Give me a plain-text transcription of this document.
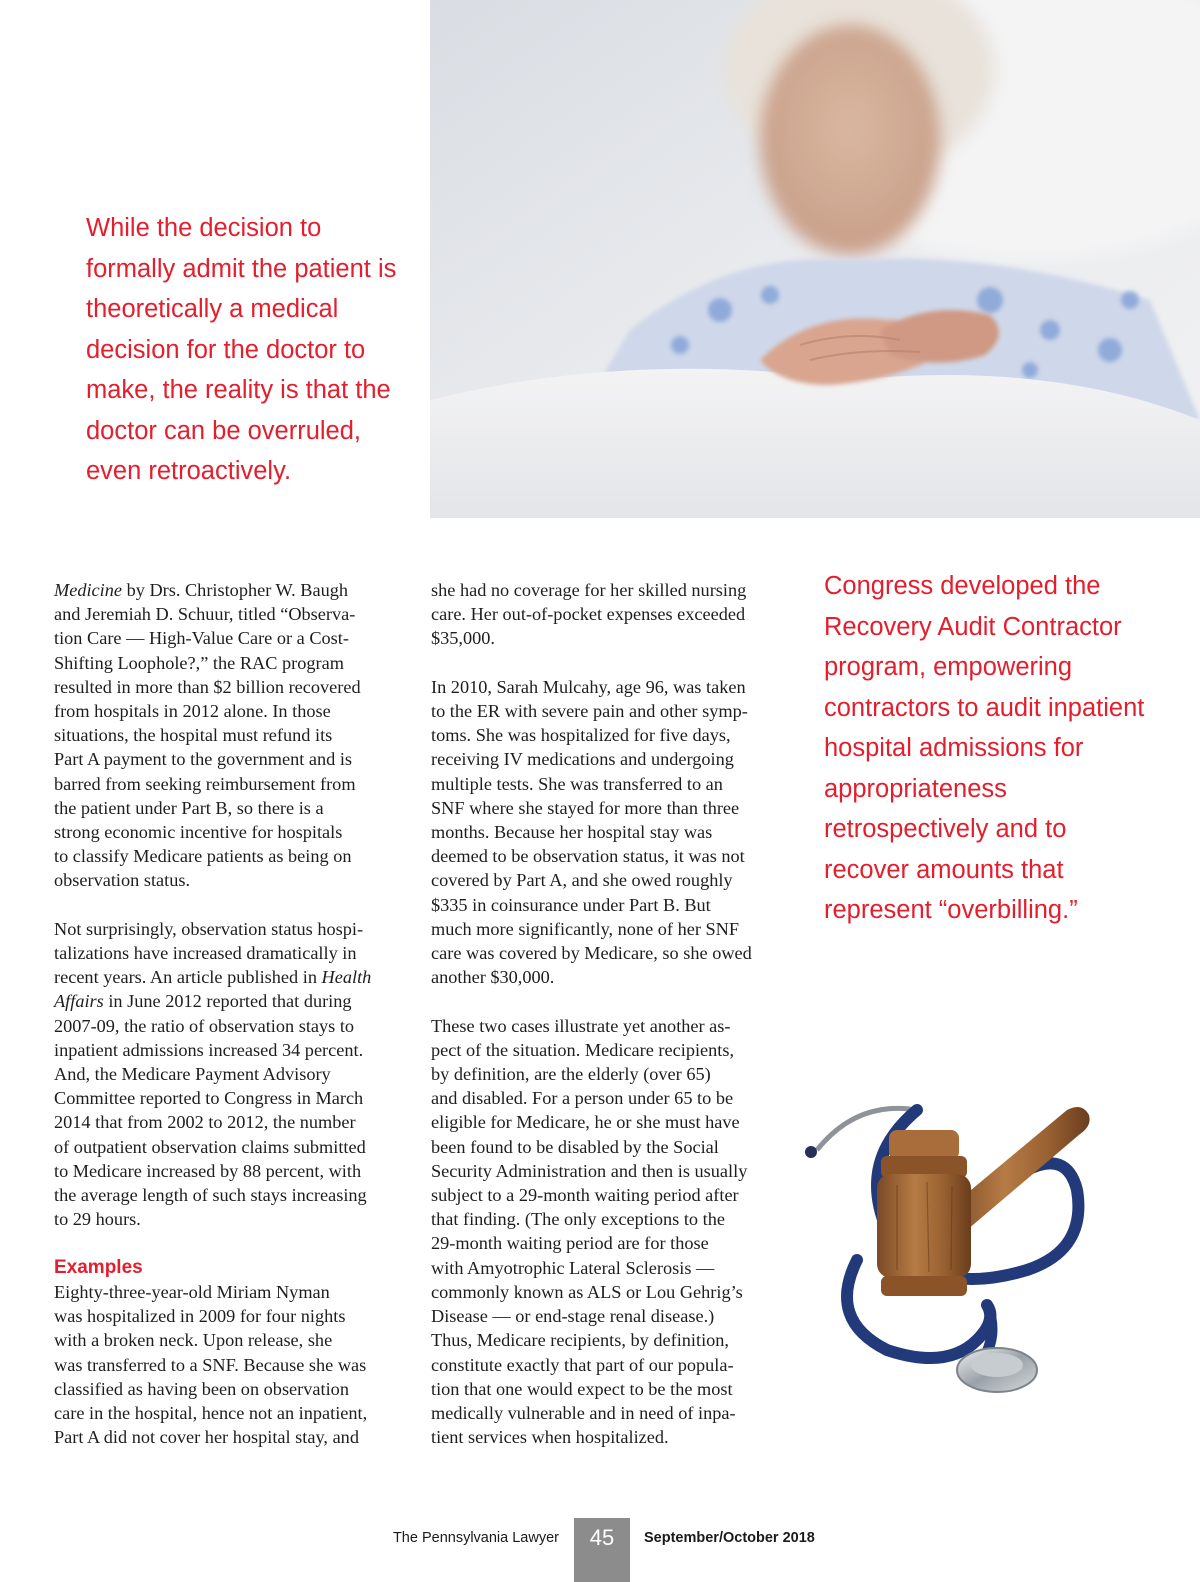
While the decision to formally admit the patient is theoretically a medical decision for the doctor to make, the reality is that the doctor can be overruled, even retroactively.

Medicine by Drs. Christopher W. Baugh
and Jeremiah D. Schuur, titled “Observa-
tion Care — High-Value Care or a Cost-
Shifting Loophole?,” the RAC program
resulted in more than $2 billion recovered
from hospitals in 2012 alone. In those
situations, the hospital must refund its
Part A payment to the government and is
barred from seeking reimbursement from
the patient under Part B, so there is a
strong economic incentive for hospitals
to classify Medicare patients as being on
observation status.

Not surprisingly, observation status hospi-
talizations have increased dramatically in
recent years. An article published in Health
Affairs in June 2012 reported that during
2007-09, the ratio of observation stays to
inpatient admissions increased 34 percent.
And, the Medicare Payment Advisory
Committee reported to Congress in March
2014 that from 2002 to 2012, the number
of outpatient observation claims submitted
to Medicare increased by 88 percent, with
the average length of such stays increasing
to 29 hours.

Examples

Eighty-three-year-old Miriam Nyman
was hospitalized in 2009 for four nights
with a broken neck. Upon release, she
was transferred to a SNF. Because she was
classified as having been on observation
care in the hospital, hence not an inpatient,
Part A did not cover her hospital stay, and

she had no coverage for her skilled nursing
care. Her out-of-pocket expenses exceeded
$35,000.

In 2010, Sarah Mulcahy, age 96, was taken
to the ER with severe pain and other symp-
toms. She was hospitalized for five days,
receiving IV medications and undergoing
multiple tests. She was transferred to an
SNF where she stayed for more than three
months. Because her hospital stay was
deemed to be observation status, it was not
covered by Part A, and she owed roughly
$335 in coinsurance under Part B. But
much more significantly, none of her SNF
care was covered by Medicare, so she owed
another $30,000.

These two cases illustrate yet another as-
pect of the situation. Medicare recipients,
by definition, are the elderly (over 65)
and disabled. For a person under 65 to be
eligible for Medicare, he or she must have
been found to be disabled by the Social
Security Administration and then is usually
subject to a 29-month waiting period after
that finding. (The only exceptions to the
29-month waiting period are for those
with Amyotrophic Lateral Sclerosis —
commonly known as ALS or Lou Gehrig’s
Disease — or end-stage renal disease.)
Thus, Medicare recipients, by definition,
constitute exactly that part of our popula-
tion that one would expect to be the most
medically vulnerable and in need of inpa-
tient services when hospitalized.

Congress developed the Recovery Audit Contractor program, empowering contractors to audit inpatient hospital admissions for appropriateness retrospectively and to recover amounts that represent “overbilling.”

The Pennsylvania Lawyer	45	September/October 2018
